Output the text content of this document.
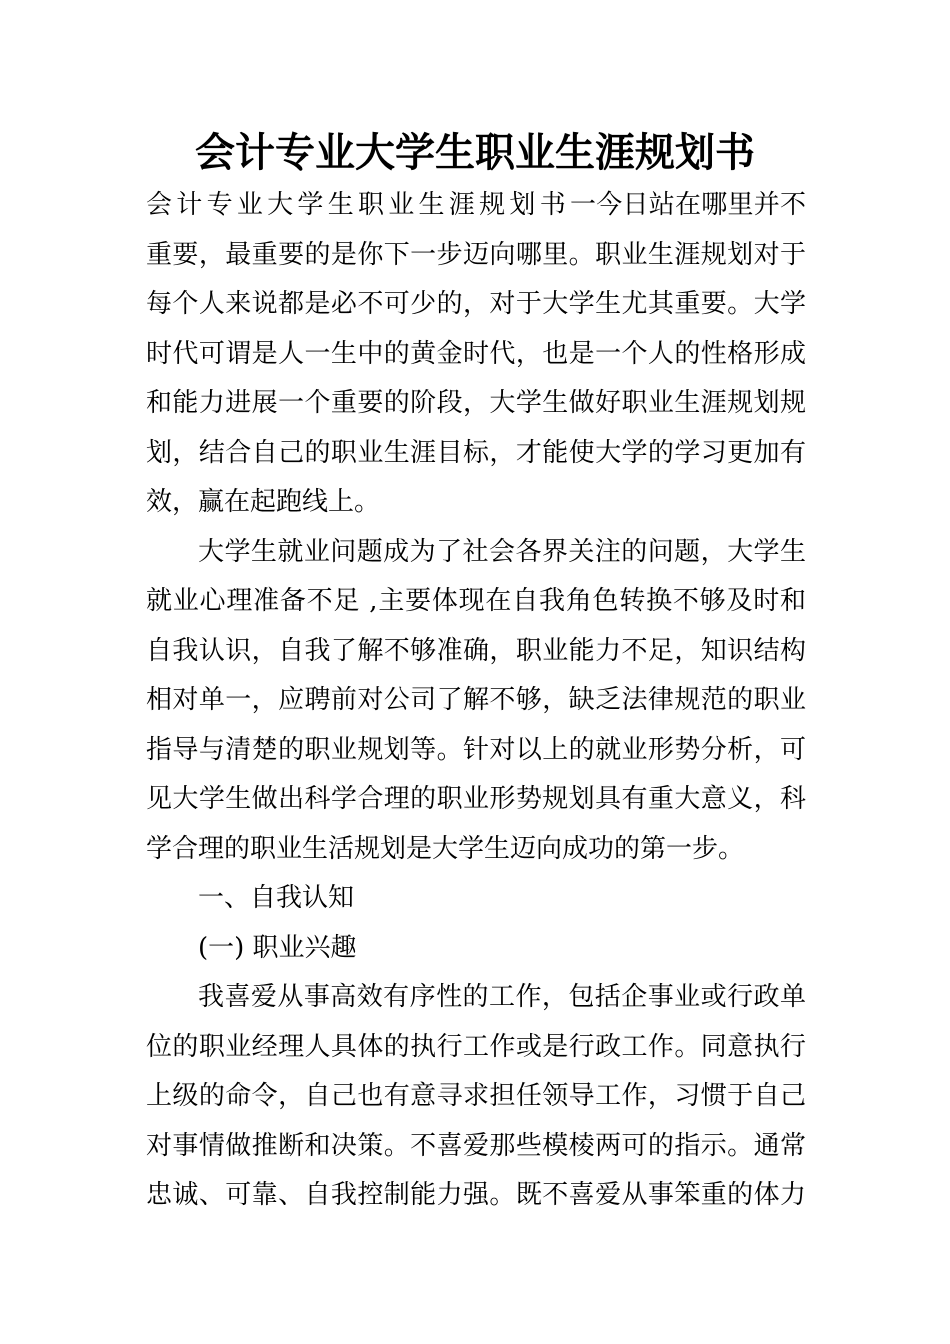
会计专业大学生职业生涯规划书
会计专业大学生职业生涯规划书一今日站在哪里并不
重要，最重要的是你下一步迈向哪里。职业生涯规划对于
每个人来说都是必不可少的，对于大学生尤其重要。大学
时代可谓是人一生中的黄金时代，也是一个人的性格形成
和能力进展一个重要的阶段，大学生做好职业生涯规划规
划，结合自己的职业生涯目标，才能使大学的学习更加有
效，赢在起跑线上。
大学生就业问题成为了社会各界关注的问题，大学生
就业心理准备不足 ,主要体现在自我角色转换不够及时和
自我认识，自我了解不够准确，职业能力不足，知识结构
相对单一，应聘前对公司了解不够，缺乏法律规范的职业
指导与清楚的职业规划等。针对以上的就业形势分析，可
见大学生做出科学合理的职业形势规划具有重大意义，科
学合理的职业生活规划是大学生迈向成功的第一步。
一、自我认知
(一) 职业兴趣
我喜爱从事高效有序性的工作，包括企事业或行政单
位的职业经理人具体的执行工作或是行政工作。同意执行
上级的命令，自己也有意寻求担任领导工作，习惯于自己
对事情做推断和决策。不喜爱那些模棱两可的指示。通常
忠诚、可靠、自我控制能力强。既不喜爱从事笨重的体力
